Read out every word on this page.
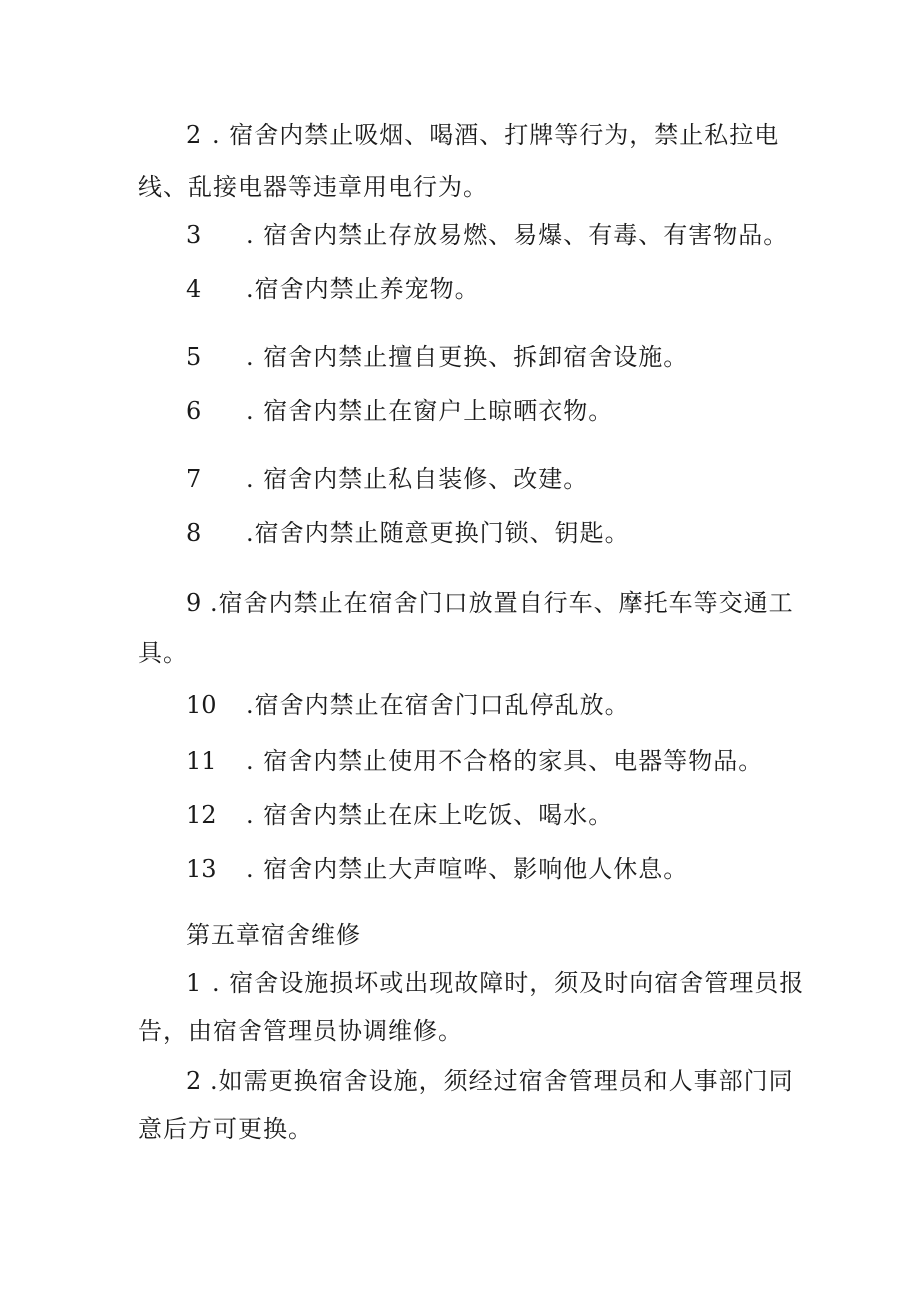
2 . 宿舍内禁止吸烟、喝酒、打牌等行为，禁止私拉电
线、乱接电器等违章用电行为。
3 . 宿舍内禁止存放易燃、易爆、有毒、有害物品。
4 .宿舍内禁止养宠物。
5 . 宿舍内禁止擅自更换、拆卸宿舍设施。
6 . 宿舍内禁止在窗户上晾晒衣物。
7 . 宿舍内禁止私自装修、改建。
8 .宿舍内禁止随意更换门锁、钥匙。
9 .宿舍内禁止在宿舍门口放置自行车、摩托车等交通工
具。
10 .宿舍内禁止在宿舍门口乱停乱放。
11 . 宿舍内禁止使用不合格的家具、电器等物品。
12 . 宿舍内禁止在床上吃饭、喝水。
13 . 宿舍内禁止大声喧哗、影响他人休息。
第五章宿舍维修
1 . 宿舍设施损坏或出现故障时，须及时向宿舍管理员报
告，由宿舍管理员协调维修。
2 .如需更换宿舍设施，须经过宿舍管理员和人事部门同
意后方可更换。
